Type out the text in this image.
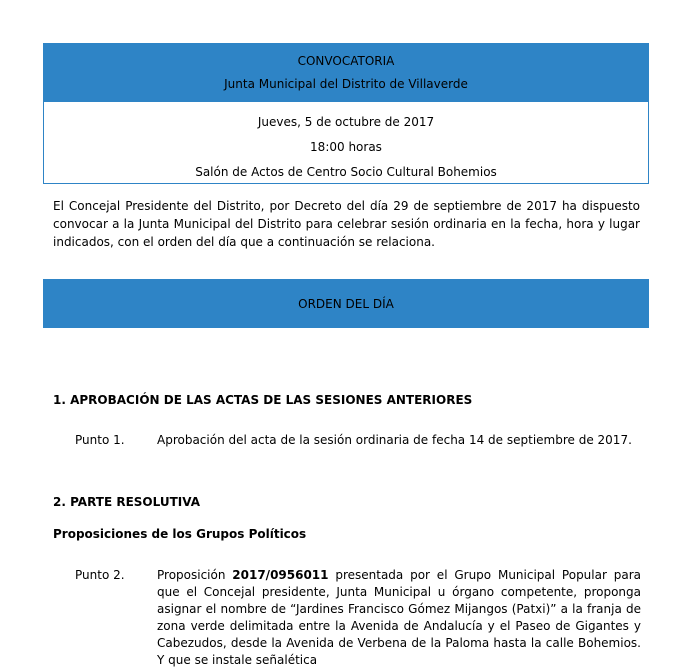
CONVOCATORIA
Junta Municipal del Distrito de Villaverde
Jueves, 5 de octubre de 2017
18:00 horas
Salón de Actos de Centro Socio Cultural Bohemios
El Concejal Presidente del Distrito, por Decreto del día 29 de septiembre de 2017 ha dispuesto convocar a la Junta Municipal del Distrito para celebrar sesión ordinaria en la fecha, hora y lugar indicados, con el orden del día que a continuación se relaciona.
ORDEN DEL DÍA
1. APROBACIÓN DE LAS ACTAS DE LAS SESIONES ANTERIORES
Punto 1.	Aprobación del acta de la sesión ordinaria de fecha 14 de septiembre de 2017.
2. PARTE RESOLUTIVA
Proposiciones de los Grupos Políticos
Punto 2.	Proposición 2017/0956011 presentada por el Grupo Municipal Popular para que el Concejal presidente, Junta Municipal u órgano competente, proponga asignar el nombre de “Jardines Francisco Gómez Mijangos (Patxi)” a la franja de zona verde delimitada entre la Avenida de Andalucía y el Paseo de Gigantes y Cabezudos, desde la Avenida de Verbena de la Paloma hasta la calle Bohemios. Y que se instale señalética
